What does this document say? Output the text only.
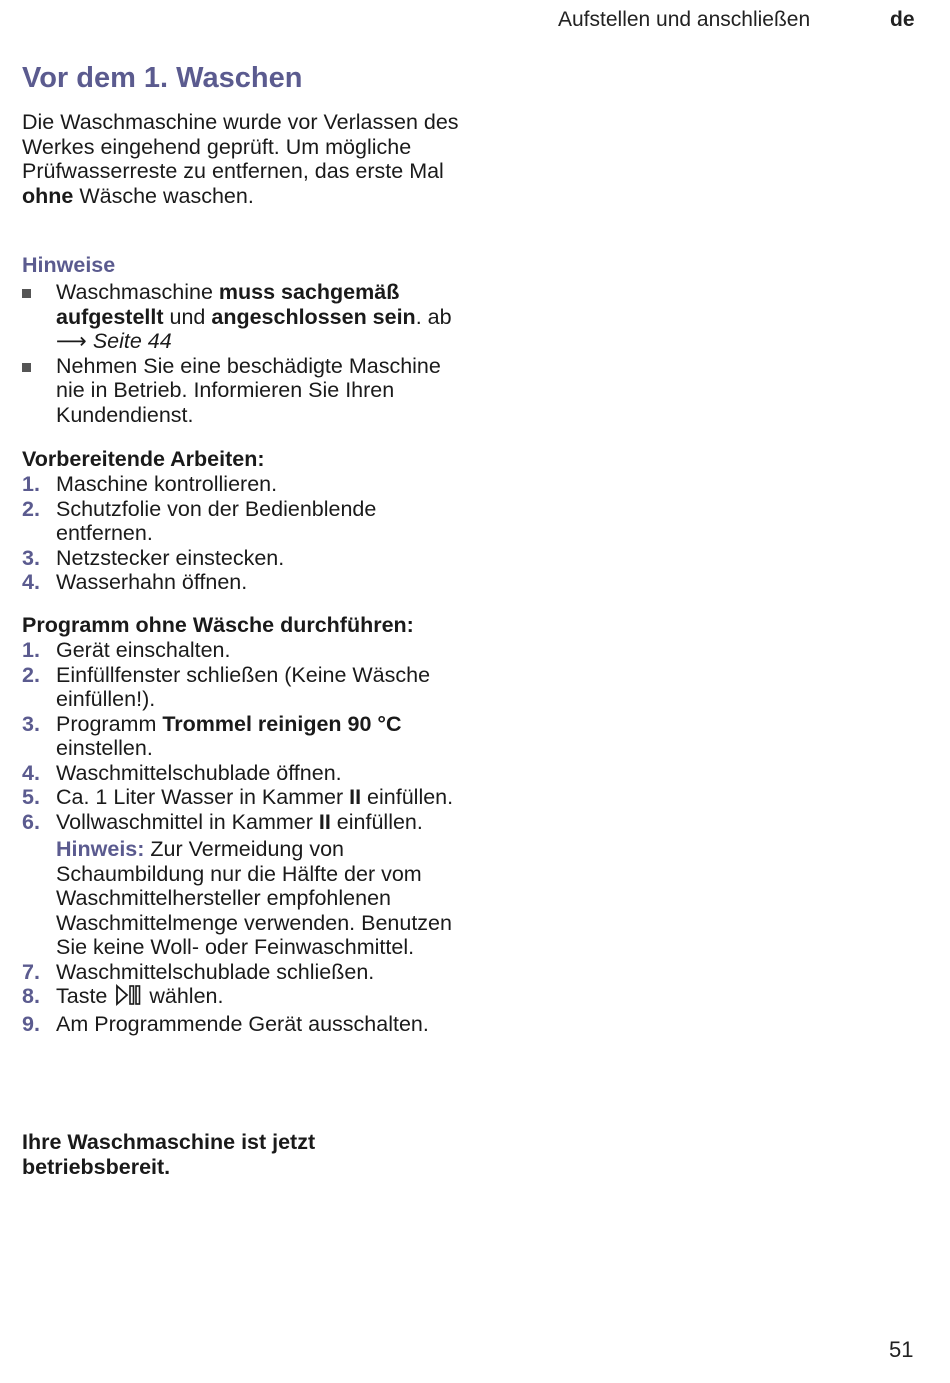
Aufstellen und anschließen	de
Vor dem 1. Waschen

Die Waschmaschine wurde vor Verlassen des Werkes eingehend geprüft. Um mögliche Prüfwasserreste zu entfernen, das erste Mal ohne Wäsche waschen.

Hinweise

Waschmaschine muss sachgemäß aufgestellt und angeschlossen sein. ab ⟶ Seite 44
Nehmen Sie eine beschädigte Maschine nie in Betrieb. Informieren Sie Ihren Kundendienst.

Vorbereitende Arbeiten:

1. Maschine kontrollieren.
2. Schutzfolie von der Bedienblende entfernen.
3. Netzstecker einstecken.
4. Wasserhahn öffnen.

Programm ohne Wäsche durchführen:

1. Gerät einschalten.
2. Einfüllfenster schließen (Keine Wäsche einfüllen!).
3. Programm Trommel reinigen 90 °C einstellen.
4. Waschmittelschublade öffnen.
5. Ca. 1 Liter Wasser in Kammer II einfüllen.
6. Vollwaschmittel in Kammer II einfüllen.
Hinweis: Zur Vermeidung von Schaumbildung nur die Hälfte der vom Waschmittelhersteller empfohlenen Waschmittelmenge verwenden. Benutzen Sie keine Woll- oder Feinwaschmittel.
7. Waschmittelschublade schließen.
8. Taste  wählen.
9. Am Programmende Gerät ausschalten.

Ihre Waschmaschine ist jetzt betriebsbereit.

51
